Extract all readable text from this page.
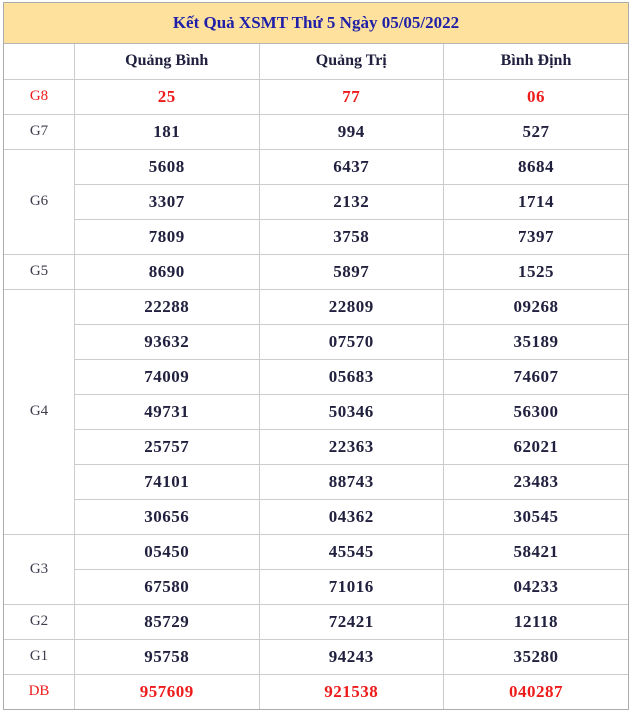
Kết Quả XSMT Thứ 5 Ngày 05/05/2022
	Quảng Bình	Quảng Trị	Bình Định
G8	25	77	06
G7	181	994	527
G6	5608	6437	8684
	3307	2132	1714
	7809	3758	7397
G5	8690	5897	1525
G4	22288	22809	09268
	93632	07570	35189
	74009	05683	74607
	49731	50346	56300
	25757	22363	62021
	74101	88743	23483
	30656	04362	30545
G3	05450	45545	58421
	67580	71016	04233
G2	85729	72421	12118
G1	95758	94243	35280
DB	957609	921538	040287
